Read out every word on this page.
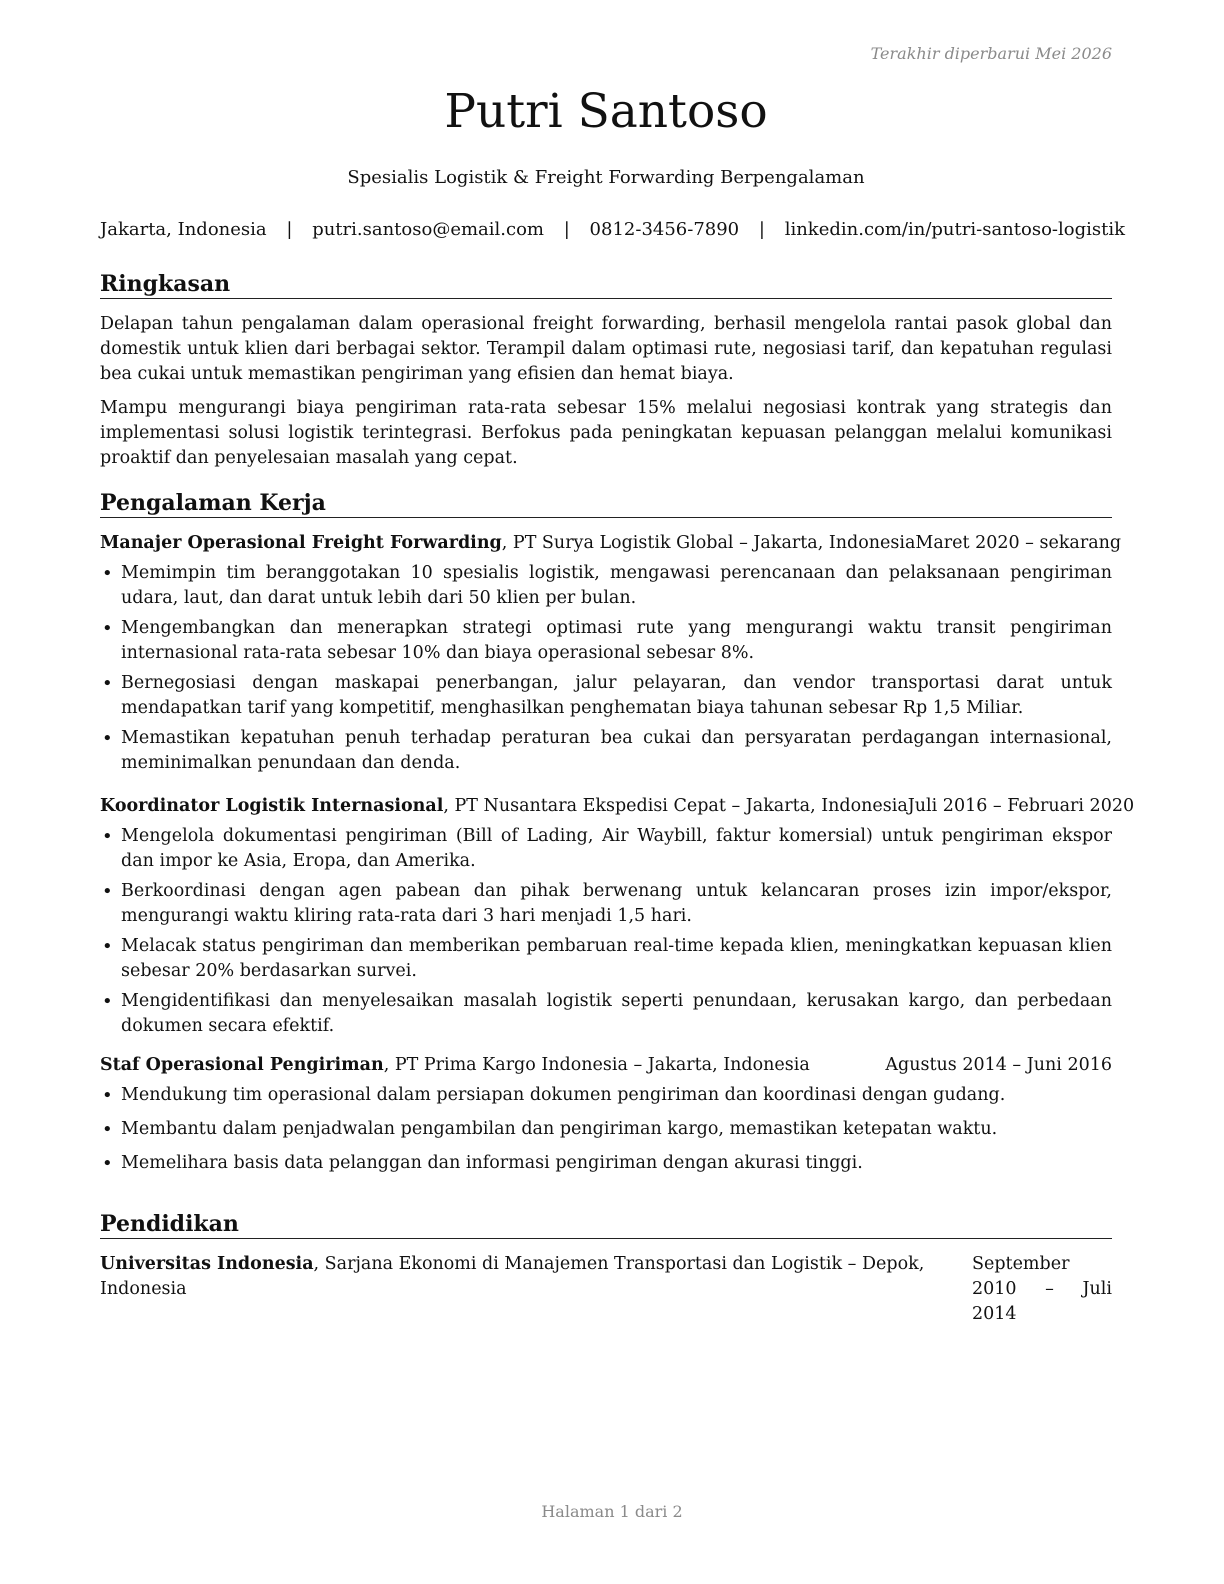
Terakhir diperbarui Mei 2026
Putri Santoso
Spesialis Logistik & Freight Forwarding Berpengalaman
Jakarta, Indonesia | putri.santoso@email.com | 0812-3456-7890 | linkedin.com/in/putri-santoso-logistik
Ringkasan

Delapan tahun pengalaman dalam operasional freight forwarding, berhasil mengelola rantai pasok global dan domestik untuk klien dari berbagai sektor. Terampil dalam optimasi rute, negosiasi tarif, dan kepatuhan regulasi bea cukai untuk memastikan pengiriman yang efisien dan hemat biaya.

Mampu mengurangi biaya pengiriman rata-rata sebesar 15% melalui negosiasi kontrak yang strategis dan implementasi solusi logistik terintegrasi. Berfokus pada peningkatan kepuasan pelanggan melalui komunikasi proaktif dan penyelesaian masalah yang cepat.

Pengalaman Kerja
Manajer Operasional Freight Forwarding, PT Surya Logistik Global – Jakarta, Indonesia Maret 2020 – sekarang
• Memimpin tim beranggotakan 10 spesialis logistik, mengawasi perencanaan dan pelaksanaan pengiriman udara, laut, dan darat untuk lebih dari 50 klien per bulan.
• Mengembangkan dan menerapkan strategi optimasi rute yang mengurangi waktu transit pengiriman internasional rata-rata sebesar 10% dan biaya operasional sebesar 8%.
• Bernegosiasi dengan maskapai penerbangan, jalur pelayaran, dan vendor transportasi darat untuk mendapatkan tarif yang kompetitif, menghasilkan penghematan biaya tahunan sebesar Rp 1,5 Miliar.
• Memastikan kepatuhan penuh terhadap peraturan bea cukai dan persyaratan perdagangan internasional, meminimalkan penundaan dan denda.
Koordinator Logistik Internasional, PT Nusantara Ekspedisi Cepat – Jakarta, Indonesia Juli 2016 – Februari 2020
• Mengelola dokumentasi pengiriman (Bill of Lading, Air Waybill, faktur komersial) untuk pengiriman ekspor dan impor ke Asia, Eropa, dan Amerika.
• Berkoordinasi dengan agen pabean dan pihak berwenang untuk kelancaran proses izin impor/ekspor, mengurangi waktu kliring rata-rata dari 3 hari menjadi 1,5 hari.
• Melacak status pengiriman dan memberikan pembaruan real-time kepada klien, meningkatkan kepuasan klien sebesar 20% berdasarkan survei.
• Mengidentifikasi dan menyelesaikan masalah logistik seperti penundaan, kerusakan kargo, dan perbedaan dokumen secara efektif.
Staf Operasional Pengiriman, PT Prima Kargo Indonesia – Jakarta, Indonesia	Agustus 2014 – Juni 2016
• Mendukung tim operasional dalam persiapan dokumen pengiriman dan koordinasi dengan gudang.
• Membantu dalam penjadwalan pengambilan dan pengiriman kargo, memastikan ketepatan waktu.
• Memelihara basis data pelanggan dan informasi pengiriman dengan akurasi tinggi.
Pendidikan
Universitas Indonesia, Sarjana Ekonomi di Manajemen Transportasi dan Logistik – Depok, Indonesia
September 2010 – Juli 2014
Halaman 1 dari 2
